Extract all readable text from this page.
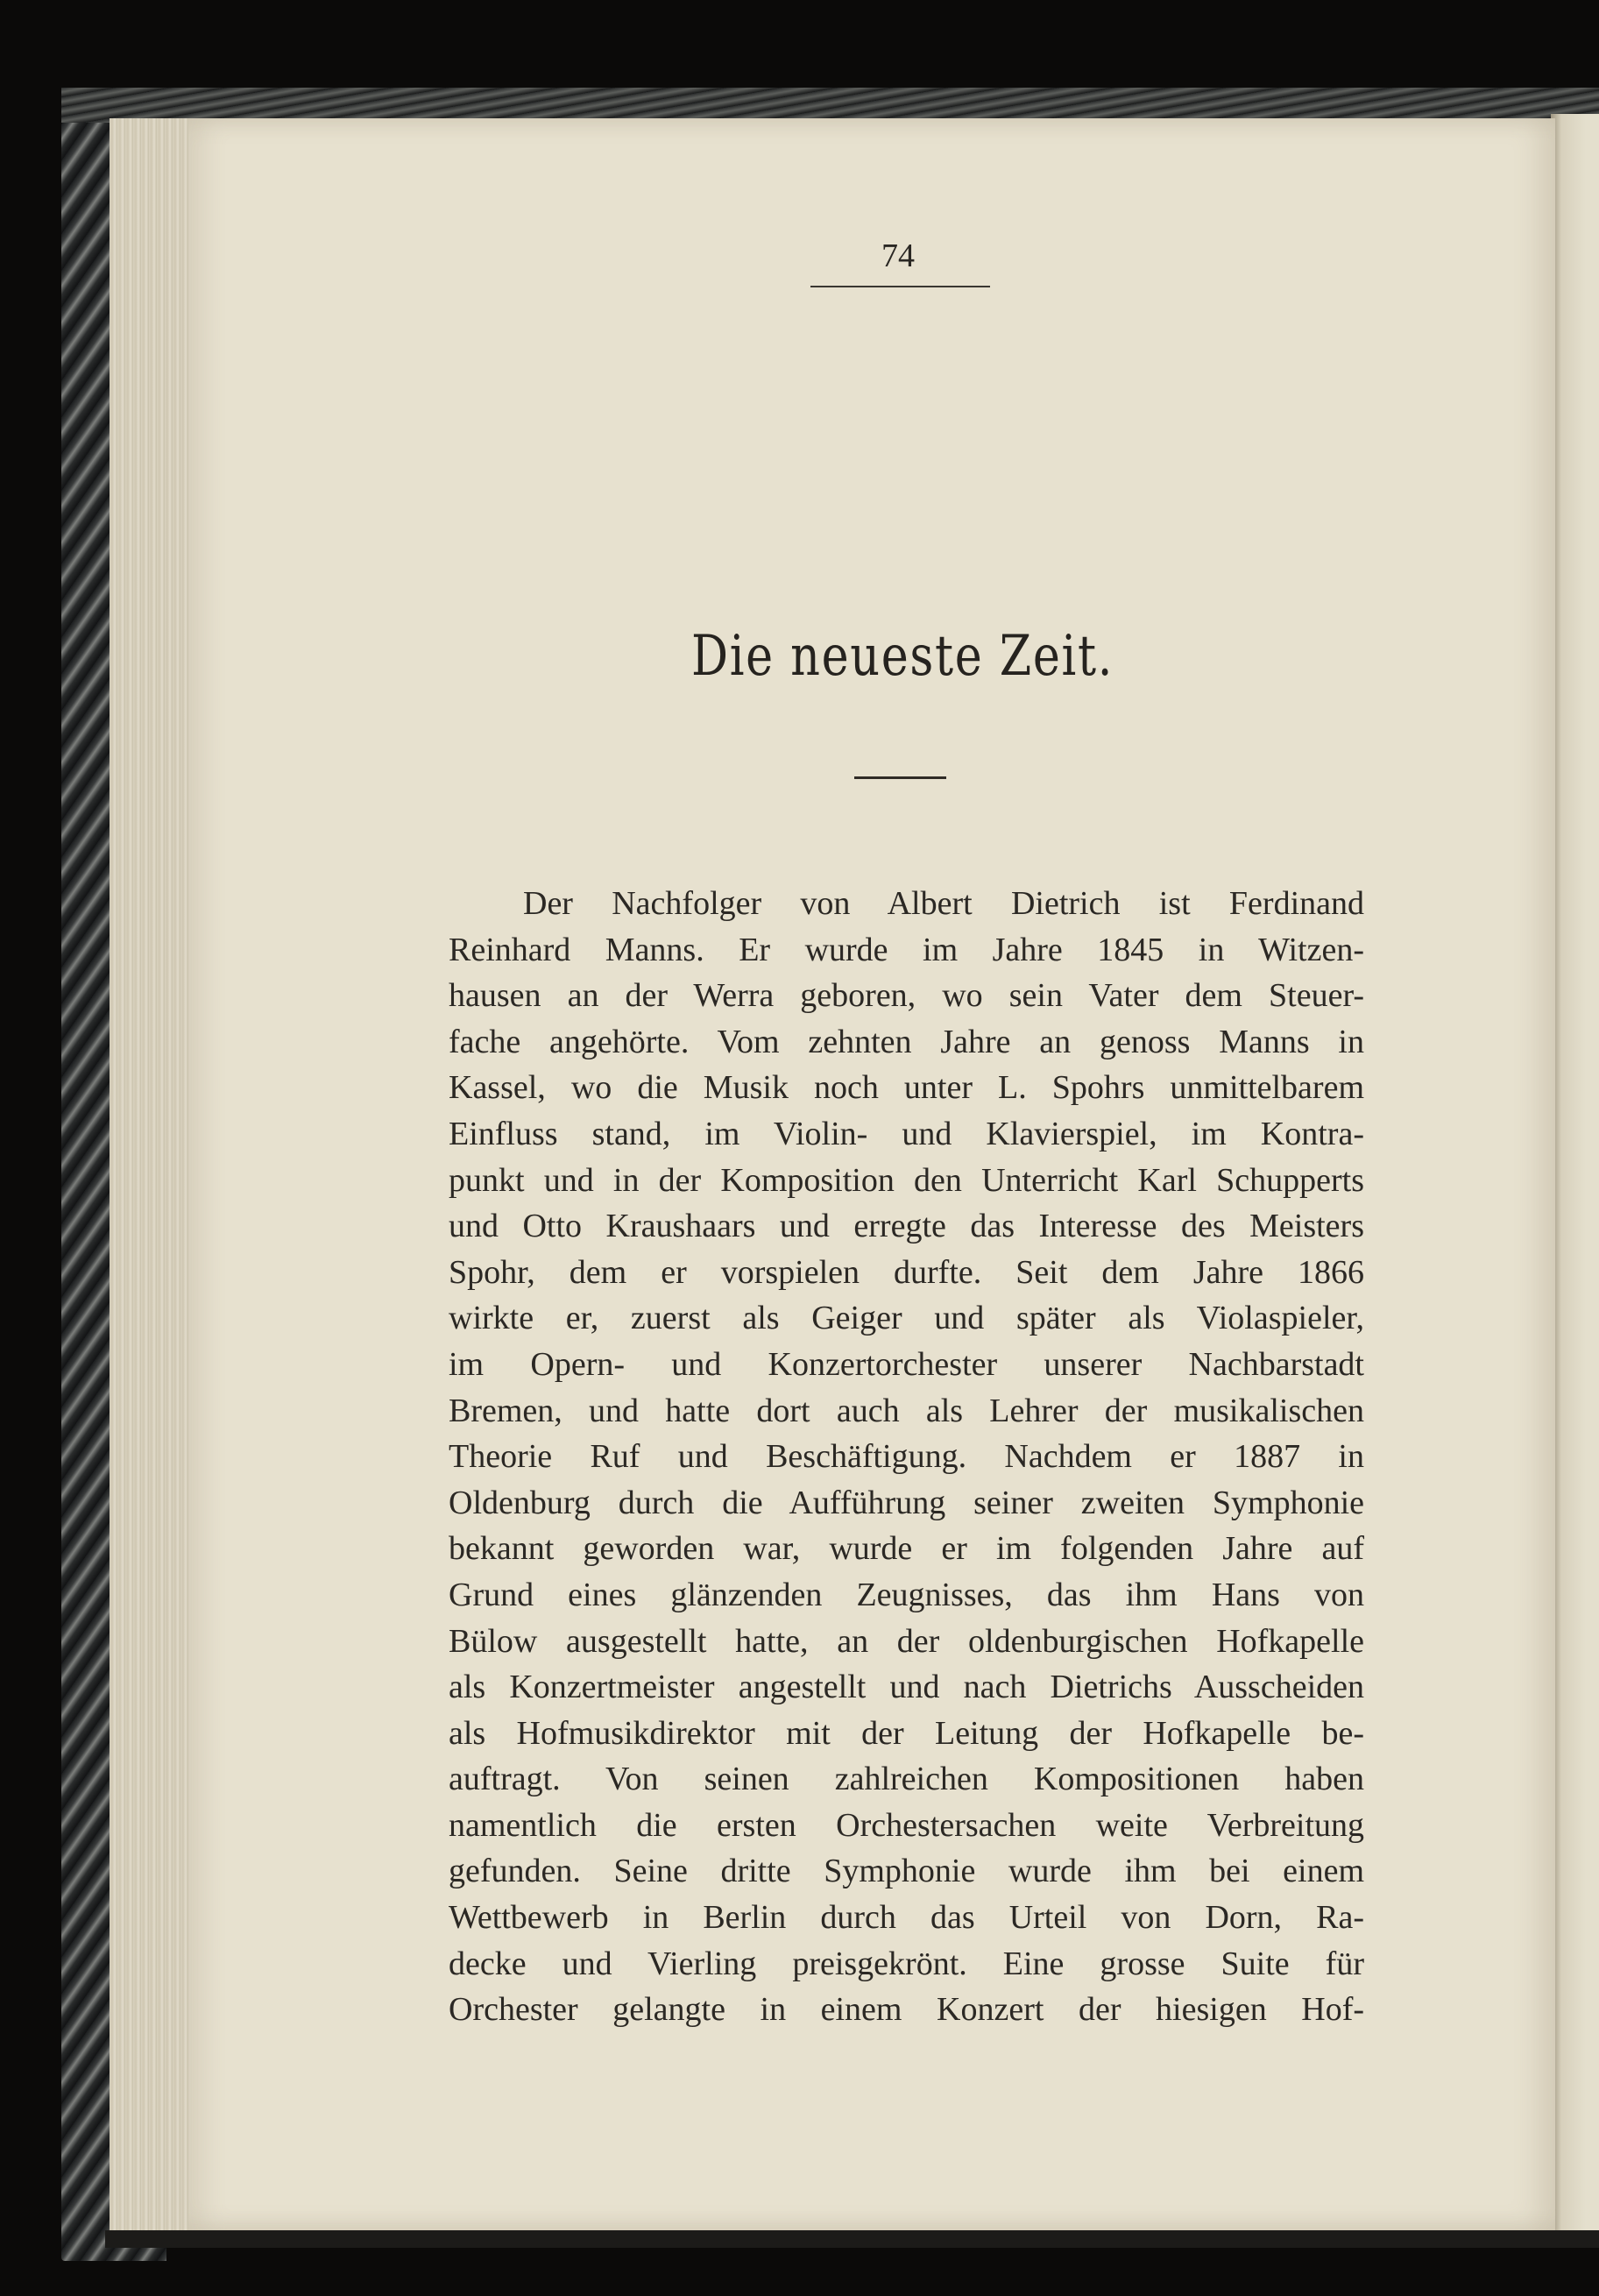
74
Die neueste Zeit.
Der Nachfolger von Albert Dietrich ist Ferdinand
Reinhard Manns. Er wurde im Jahre 1845 in Witzen-
hausen an der Werra geboren, wo sein Vater dem Steuer-
fache angehörte. Vom zehnten Jahre an genoss Manns in
Kassel, wo die Musik noch unter L. Spohrs unmittelbarem
Einfluss stand, im Violin- und Klavierspiel, im Kontra-
punkt und in der Komposition den Unterricht Karl Schupperts
und Otto Kraushaars und erregte das Interesse des Meisters
Spohr, dem er vorspielen durfte. Seit dem Jahre 1866
wirkte er, zuerst als Geiger und später als Violaspieler,
im Opern- und Konzertorchester unserer Nachbarstadt
Bremen, und hatte dort auch als Lehrer der musikalischen
Theorie Ruf und Beschäftigung. Nachdem er 1887 in
Oldenburg durch die Aufführung seiner zweiten Symphonie
bekannt geworden war, wurde er im folgenden Jahre auf
Grund eines glänzenden Zeugnisses, das ihm Hans von
Bülow ausgestellt hatte, an der oldenburgischen Hofkapelle
als Konzertmeister angestellt und nach Dietrichs Ausscheiden
als Hofmusikdirektor mit der Leitung der Hofkapelle be-
auftragt. Von seinen zahlreichen Kompositionen haben
namentlich die ersten Orchestersachen weite Verbreitung
gefunden. Seine dritte Symphonie wurde ihm bei einem
Wettbewerb in Berlin durch das Urteil von Dorn, Ra-
decke und Vierling preisgekrönt. Eine grosse Suite für
Orchester gelangte in einem Konzert der hiesigen Hof-
